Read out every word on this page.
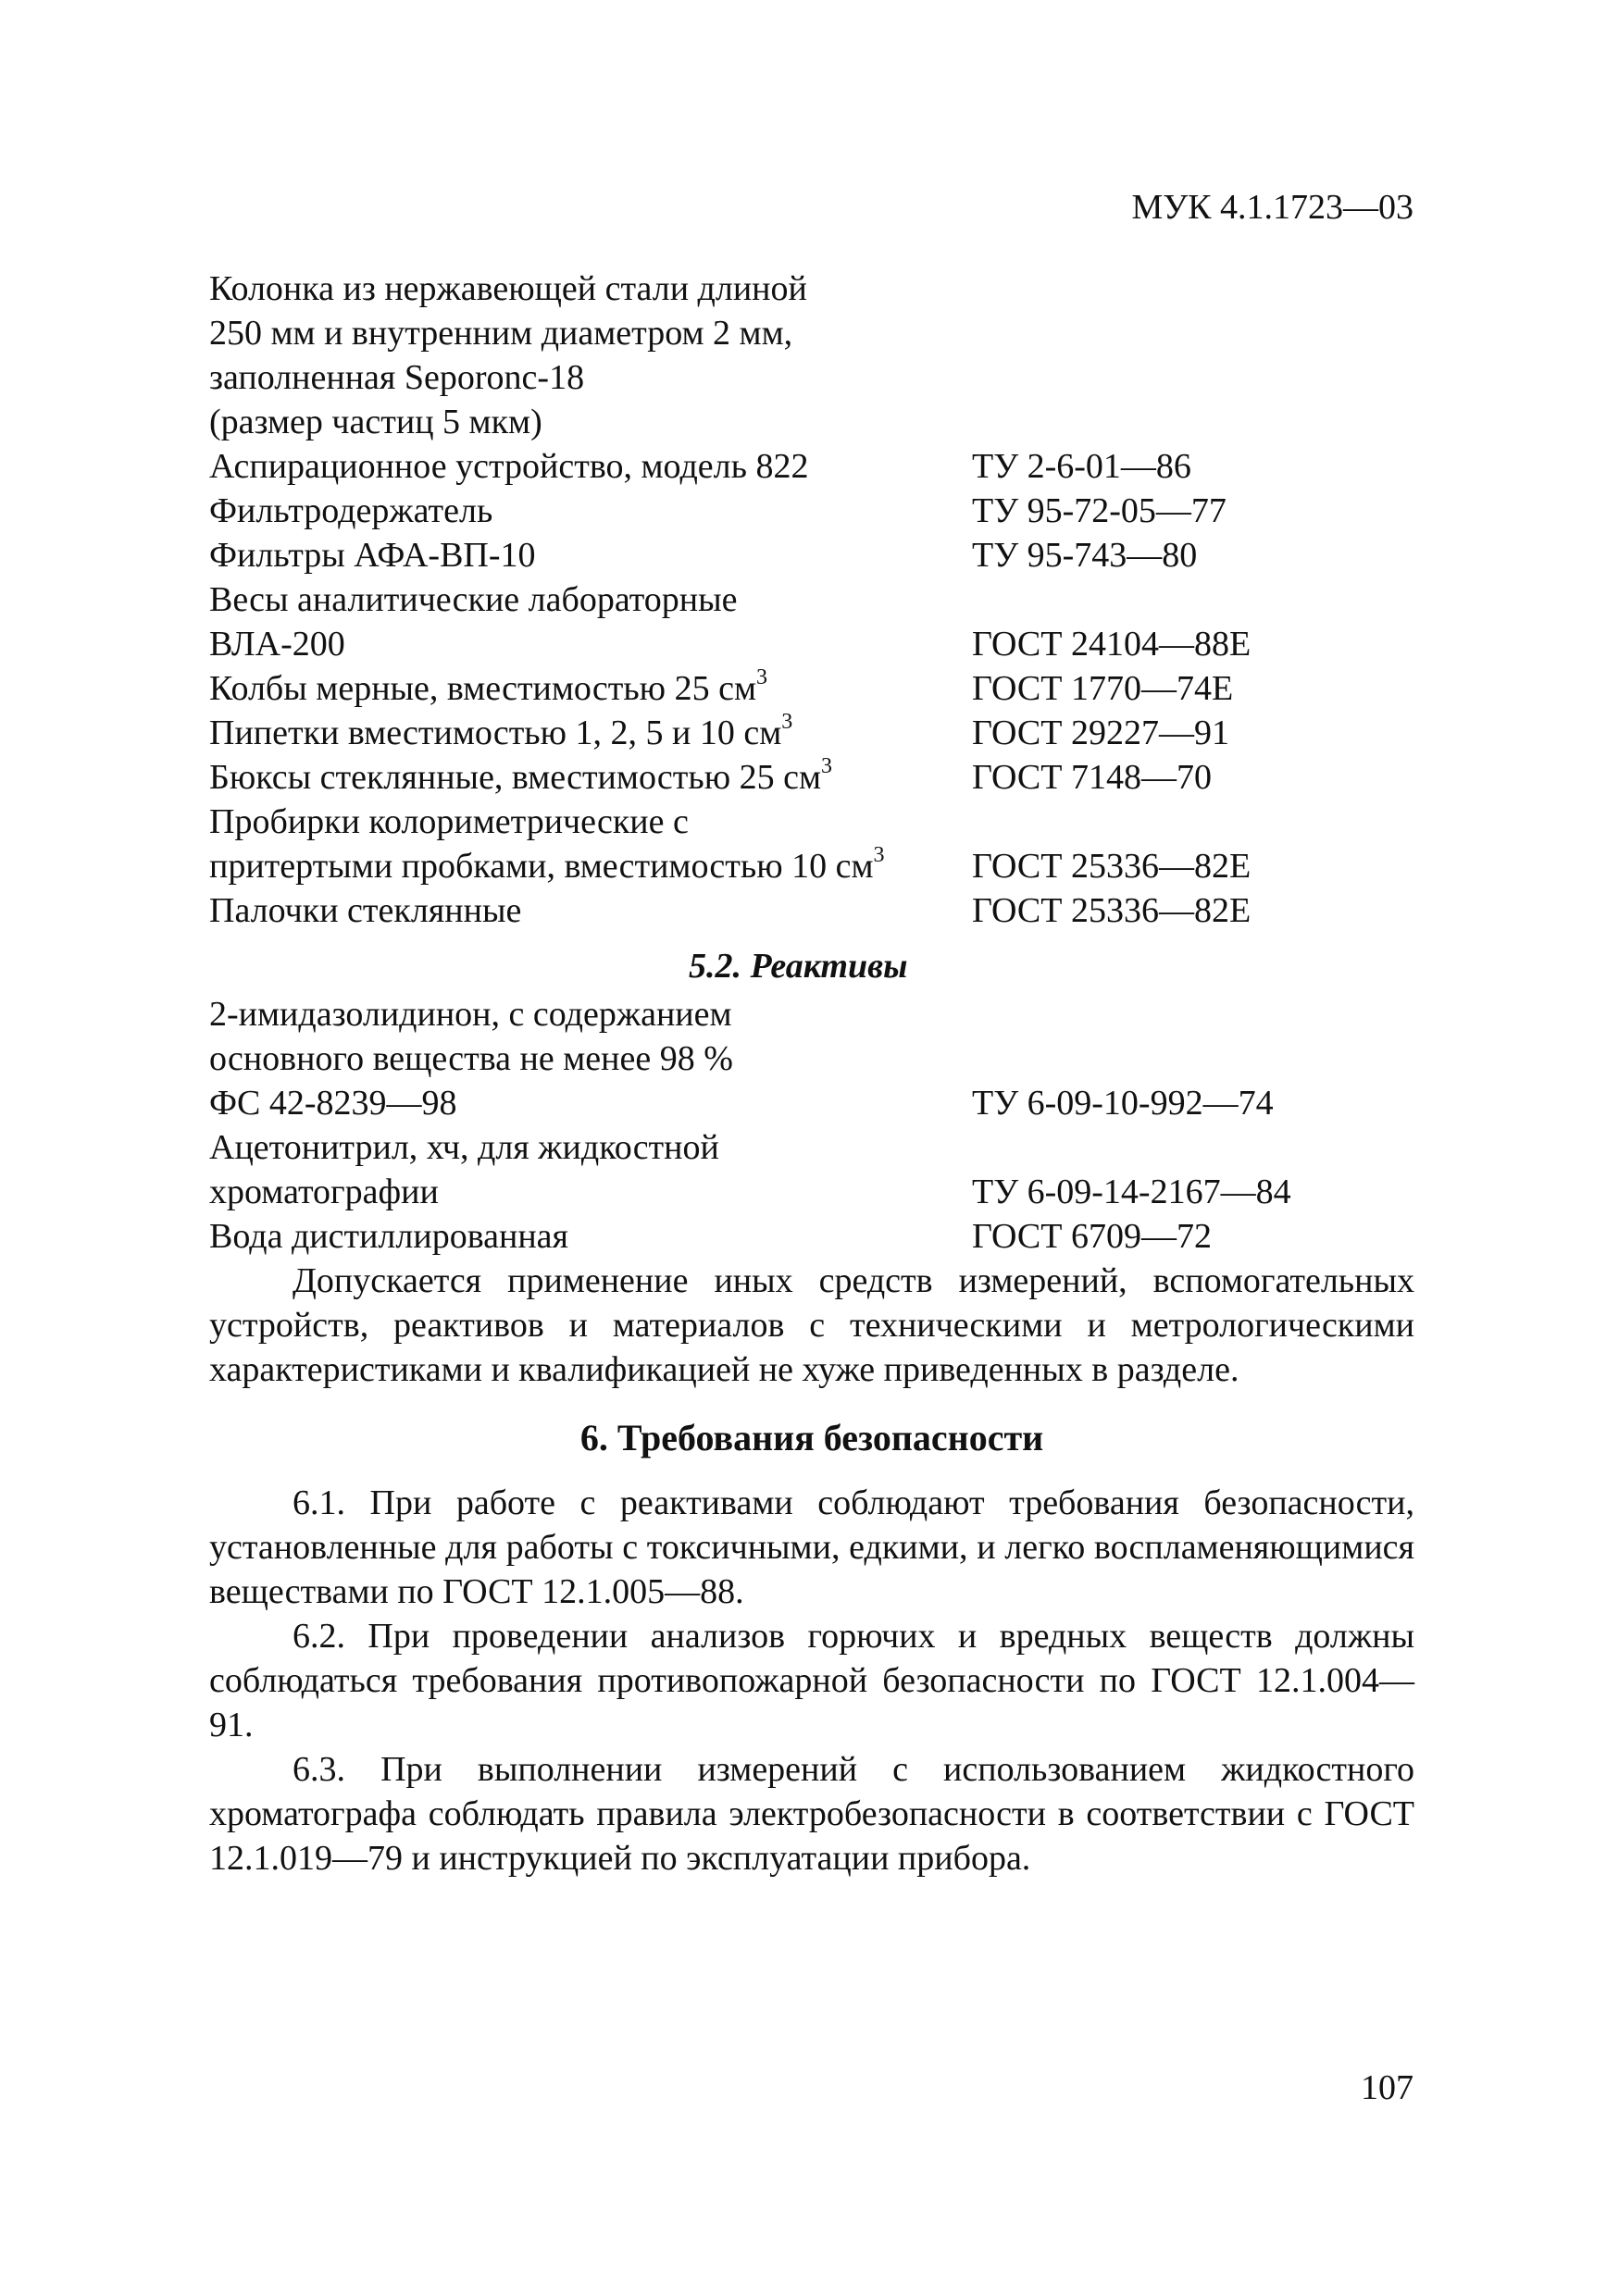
МУК 4.1.1723—03
Колонка из нержавеющей стали длиной
250 мм и внутренним диаметром 2 мм,
заполненная Seporonc-18
(размер частиц 5 мкм)
Аспирационное устройство, модель 822	ТУ 2-6-01—86
Фильтродержатель	ТУ 95-72-05—77
Фильтры АФА-ВП-10	ТУ 95-743—80
Весы аналитические лабораторные
ВЛА-200	ГОСТ 24104—88Е
Колбы мерные, вместимостью 25 $см^3$	ГОСТ 1770—74Е
Пипетки вместимостью 1, 2, 5 и 10 $см^3$	ГОСТ 29227—91
Бюксы стеклянные, вместимостью 25 $см^3$	ГОСТ 7148—70
Пробирки колориметрические с
притертыми пробками, вместимостью 10 $см^3$ ГОСТ 25336—82Е
Палочки стеклянные	ГОСТ 25336—82Е
5.2. Реактивы
2-имидазолидинон, с содержанием
основного вещества не менее 98 %
ФС 42-8239—98	ТУ 6-09-10-992—74
Ацетонитрил, хч, для жидкостной
хроматографии	ТУ 6-09-14-2167—84
Вода дистиллированная	ГОСТ 6709—72

Допускается применение иных средств измерений, вспомогательных устройств, реактивов и материалов с техническими и метрологическими характеристиками и квалификацией не хуже приведенных в разделе.

6. Требования безопасности

6.1. При работе с реактивами соблюдают требования безопасности, установленные для работы с токсичными, едкими, и легко воспламеняющимися веществами по ГОСТ 12.1.005—88.

6.2. При проведении анализов горючих и вредных веществ должны соблюдаться требования противопожарной безопасности по ГОСТ 12.1.004—91.

6.3. При выполнении измерений с использованием жидкостного хроматографа соблюдать правила электробезопасности в соответствии с ГОСТ 12.1.019—79 и инструкцией по эксплуатации прибора.

107
